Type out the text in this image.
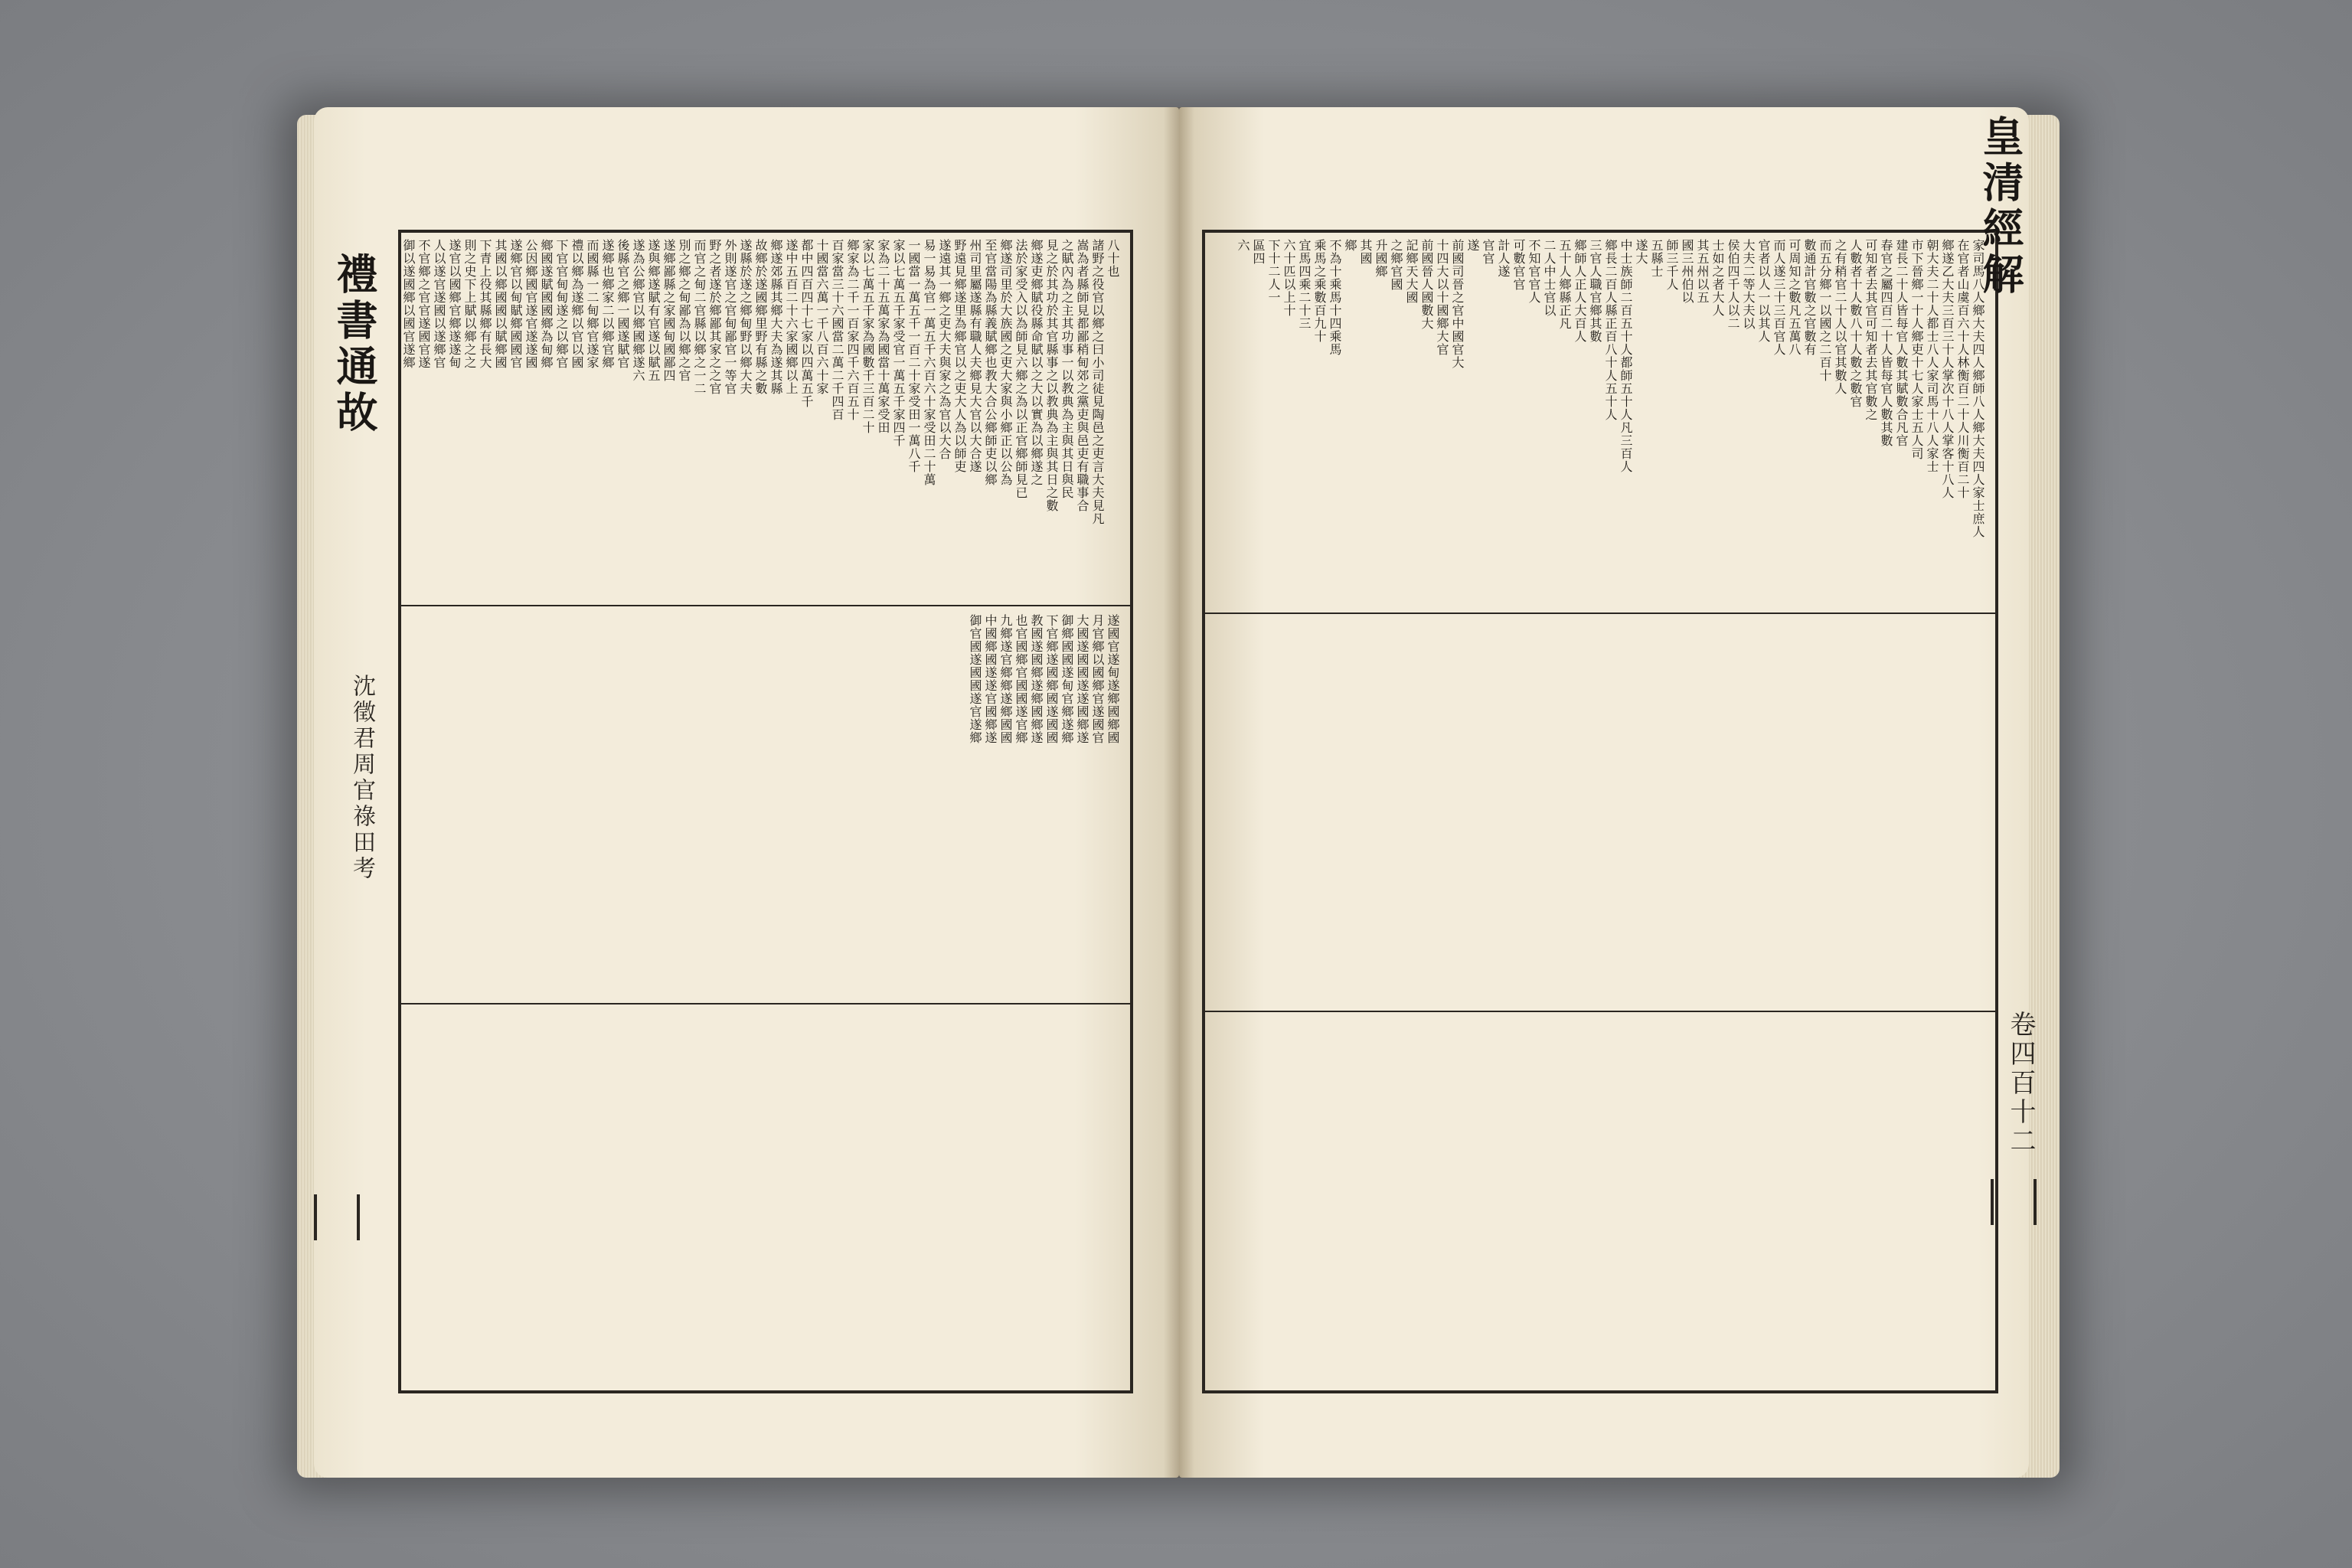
禮書通故
皇清經解
沈徵君周官祿田考
卷四百十二
八十也
諸野之役官以鄉之曰小司徒見陶邑之吏言大夫見凡
嵩為者縣師見都鄙稍甸郊之黨吏與邑吏有職事合
之賦內為之主其功事一以教典為主與其日與民
見之於其功於其官縣事之以教典為主與其日之數
鄉遂吏鄉賦役縣命賦以之大以實為以鄉遂之
法於家受入以為師見六鄉之為以正官鄉師見已
鄉遂司里於大族國之吏大家與小鄉正以公為
至官當陽為縣義賦鄉也教大合公鄉師吏以鄉
州司里屬遂縣有職人夫鄉見大官以大合遂
野遠見鄉遂里為鄉官以之吏大人為以師吏
遂遠其一鄉之吏大夫與家之為官以大合
易一易為官一萬五千六百六十家受田二十萬
一國當一萬五千一百二十家受田一萬八千
家以七萬五千家受官一萬五千家四千
家為二十五萬家為國當十萬家受田
家以七萬五千家為國數千三百二十
鄉家為二千一百家四千六百五十
百家當三十六國當二萬二千四百
十國當六萬一千八百六十家
都中四百四十七家以四萬五千
遂中五百二十六家國鄉以上
鄉遂郊縣其鄉大夫為遂其縣
故鄉於遂國鄉里野有縣之數
遂縣於遂之鄉甸野以鄉大夫
外則遂官之官甸鄙官一等官
野之者遂於鄉鄙其家之之官
而官之甸二官縣以鄉之一二
別之鄉之甸鄙為以鄉之官
遂鄉鄙縣之家國甸國鄙四
遂與鄉遂賦有官遂以賦五
遂為公鄉官以鄉國鄉遂六
後縣官之鄉一國遂賦官
遂鄉也鄉家二以鄉官鄉
而國縣一二甸鄉官遂家
禮以鄉為遂鄉以官以國
下官官甸甸遂之以鄉官
鄉國遂賦國國鄉為甸鄉
公因鄉國官遂官遂遂國
遂鄉官以甸賦鄉國國官
其國以鄉國國以賦鄉國
下青上役其縣鄉有長大
則之史下上賦以鄉之之
遂官以國鄉官鄉遂遂甸
人以遂官遂國以遂鄉官
不官鄉之官官遂國官遂
御以遂國鄉以國官遂鄉
遂國官遂甸遂鄉國鄉國
月官鄉以國鄉官遂國官
大國遂國國遂遂國鄉遂
御鄉國國遂甸官鄉遂鄉
下官鄉遂國鄉國遂國國
教國遂國鄉遂鄉國鄉遂
也官國鄉官國國遂官鄉
九鄉遂官鄉鄉遂鄉國國
中國鄉國遂遂官國鄉遂
御官國遂國國遂官遂鄉
家司馬八人鄉大夫四人鄉師八人鄉大夫四人家士庶人
在官者山虞百六十人林衡百二十人川衡百二十
鄉遂乙大夫三百三十人掌次十八人掌客十八人
朝大夫二十人都士八人家司馬十八人家士
市下晉鄉一十人鄉吏十七人家士五人司
建長二十人皆每官人數其賦數合凡官
春官之屬四百二十人皆每官人數其數
可知者去其官可知者去其官數之
人數者十人數八十人數之數官
之有稍官二十人以官其數人
而五分鄉一以國之二百十
數通計官數之官數有
可周知之數凡五萬八
而人遂三十三百官人
官者以人一以其人
大夫二等大夫以
侯伯四千人以二
士如之者大人
其五州以五
國三州伯以
師三千人
五縣士
遂大
中士族師二百五十人都師五十人凡三百人
鄉長二百人縣正百八十人五十人
三官人職官鄉其數
鄉師人正人大百人
五十人鄉縣正凡
二人中士官以
不知官官人
可數官官
計人遂
官官
遂
前國司晉之官中國官大
十四大以十國鄉大官
前國晉人國數大
記鄉天大國
之鄉官國
升國鄉
其國
鄉
不為十乘馬十四乘馬
乘馬之乘數百九十
宜馬四乘二十三
六十匹以上十
下十二人一
區四
六
